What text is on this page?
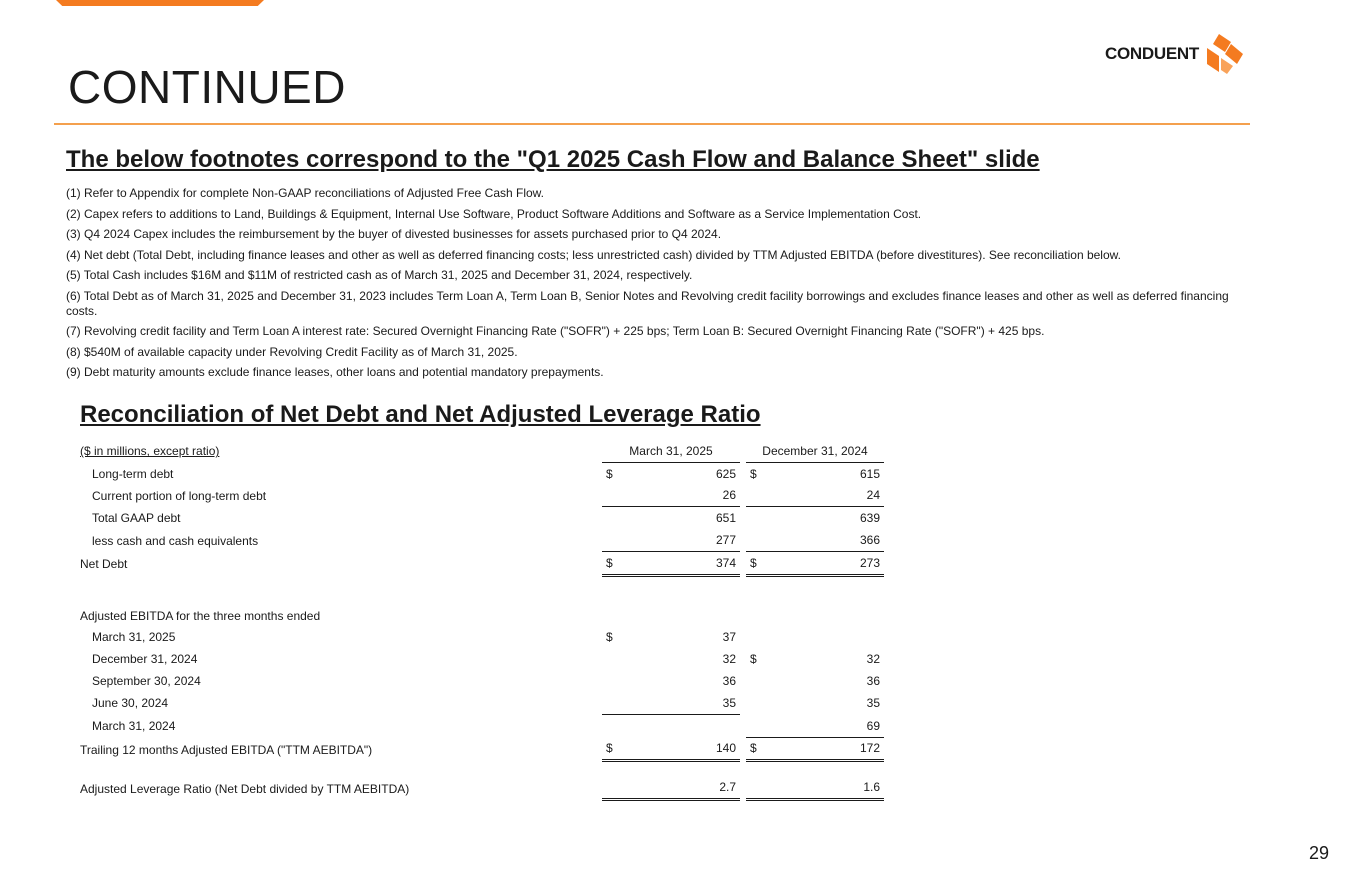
CONTINUED
CONDUENT
The below footnotes correspond to the "Q1 2025 Cash Flow and Balance Sheet" slide

(1) Refer to Appendix for complete Non-GAAP reconciliations of Adjusted Free Cash Flow.

(2) Capex refers to additions to Land, Buildings & Equipment, Internal Use Software, Product Software Additions and Software as a Service Implementation Cost.

(3) Q4 2024 Capex includes the reimbursement by the buyer of divested businesses for assets purchased prior to Q4 2024.

(4) Net debt (Total Debt, including finance leases and other as well as deferred financing costs; less unrestricted cash) divided by TTM Adjusted EBITDA (before divestitures). See reconciliation below.

(5) Total Cash includes $16M and $11M of restricted cash as of March 31, 2025 and December 31, 2024, respectively.

(6) Total Debt as of March 31, 2025 and December 31, 2023 includes Term Loan A, Term Loan B, Senior Notes and Revolving credit facility borrowings and excludes finance leases and other as well as deferred financing costs.

(7) Revolving credit facility and Term Loan A interest rate: Secured Overnight Financing Rate ("SOFR") + 225 bps; Term Loan B: Secured Overnight Financing Rate ("SOFR") + 425 bps.

(8) $540M of available capacity under Revolving Credit Facility as of March 31, 2025.

(9) Debt maturity amounts exclude finance leases, other loans and potential mandatory prepayments.

Reconciliation of Net Debt and Net Adjusted Leverage Ratio
($ in millions, except ratio)	March 31, 2025			December 31, 2024	
Long-term debt	$	625		$	615
Current portion of long-term debt		26			24
Total GAAP debt		651			639
less cash and cash equivalents		277			366
Net Debt	$	374		$	273

Adjusted EBITDA for the three months ended					
March 31, 2025	$	37			
December 31, 2024		32		$	32
September 30, 2024		36			36
June 30, 2024		35			35
March 31, 2024					69
Trailing 12 months Adjusted EBITDA ("TTM AEBITDA")	$	140		$	172

Adjusted Leverage Ratio (Net Debt divided by TTM AEBITDA)		2.7			1.6
29
